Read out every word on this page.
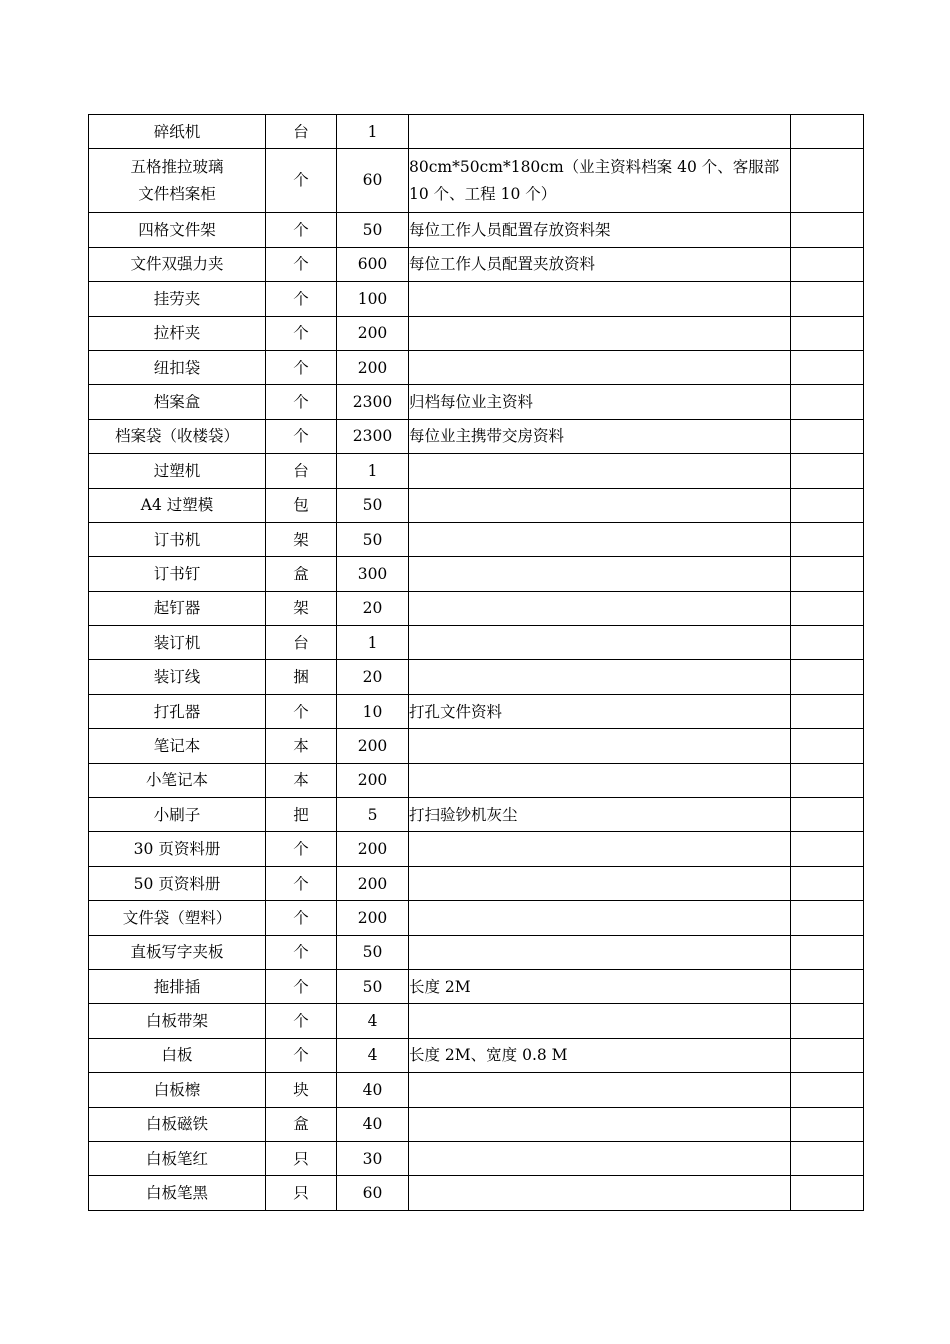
碎纸机	台	1		
五格推拉玻璃
文件档案柜	个	60	80cm*50cm*180cm（业主资料档案 40 个、客服部 10 个、工程 10 个）	
四格文件架	个	50	每位工作人员配置存放资料架	
文件双强力夹	个	600	每位工作人员配置夹放资料	
挂劳夹	个	100		
拉杆夹	个	200		
纽扣袋	个	200		
档案盒	个	2300	归档每位业主资料	
档案袋（收楼袋）	个	2300	每位业主携带交房资料	
过塑机	台	1		
A4 过塑模	包	50		
订书机	架	50		
订书钉	盒	300		
起钉器	架	20		
装订机	台	1		
装订线	捆	20		
打孔器	个	10	打孔文件资料	
笔记本	本	200		
小笔记本	本	200		
小刷子	把	5	打扫验钞机灰尘	
30 页资料册	个	200		
50 页资料册	个	200		
文件袋（塑料）	个	200		
直板写字夹板	个	50		
拖排插	个	50	长度 2M	
白板带架	个	4		
白板	个	4	长度 2M、宽度 0.8 M	
白板檫	块	40		
白板磁铁	盒	40		
白板笔红	只	30		
白板笔黑	只	60		
